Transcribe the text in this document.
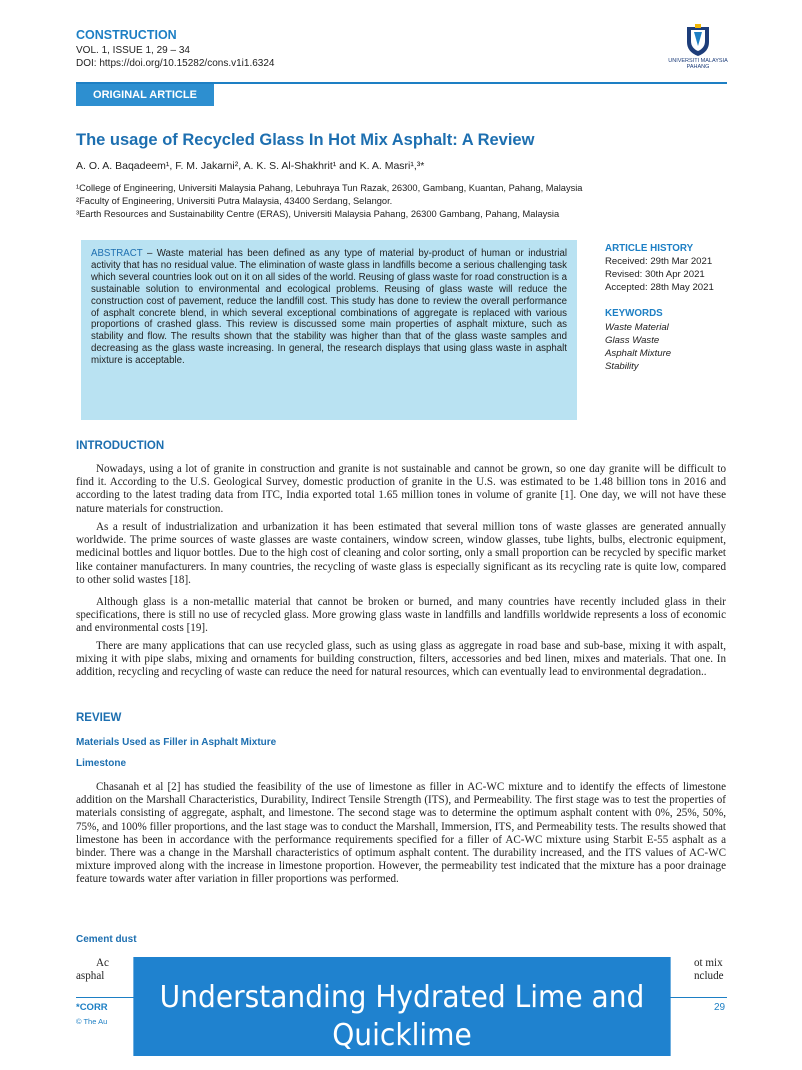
CONSTRUCTION
VOL. 1, ISSUE 1, 29 – 34
DOI: https://doi.org/10.15282/cons.v1i1.6324	UNIVERSITI MALAYSIA PAHANG
ORIGINAL ARTICLE
The usage of Recycled Glass In Hot Mix Asphalt: A Review
A. O. A. Baqadeem¹, F. M. Jakarni², A. K. S. Al-Shakhrit¹ and K. A. Masri¹,³*
¹College of Engineering, Universiti Malaysia Pahang, Lebuhraya Tun Razak, 26300, Gambang, Kuantan, Pahang, Malaysia
²Faculty of Engineering, Universiti Putra Malaysia, 43400 Serdang, Selangor.
³Earth Resources and Sustainability Centre (ERAS), Universiti Malaysia Pahang, 26300 Gambang, Pahang, Malaysia
ABSTRACT – Waste material has been defined as any type of material by-product of human or industrial activity that has no residual value. The elimination of waste glass in landfills become a serious challenging task which several countries look out on it on all sides of the world. Reusing of glass waste for road construction is a sustainable solution to environmental and ecological problems. Reusing of glass waste will reduce the construction cost of pavement, reduce the landfill cost. This study has done to review the overall performance of asphalt concrete blend, in which several exceptional combinations of aggregate is replaced with various proportions of crashed glass. This review is discussed some main properties of asphalt mixture, such as stability and flow. The results shown that the stability was higher than that of the glass waste samples and decreasing as the glass waste increasing. In general, the research displays that using glass waste in asphalt mixture is acceptable.
ARTICLE HISTORY
Received: 29th Mar 2021
Revised: 30th Apr 2021
Accepted: 28th May 2021
KEYWORDS
Waste Material
Glass Waste
Asphalt Mixture
Stability
INTRODUCTION
Nowadays, using a lot of granite in construction and granite is not sustainable and cannot be grown, so one day granite will be difficult to find it. According to the U.S. Geological Survey, domestic production of granite in the U.S. was estimated to be 1.48 billion tons in 2016 and according to the latest trading data from ITC, India exported total 1.65 million tones in volume of granite [1]. One day, we will not have these nature materials for construction.
As a result of industrialization and urbanization it has been estimated that several million tons of waste glasses are generated annually worldwide. The prime sources of waste glasses are waste containers, window screen, window glasses, tube lights, bulbs, electronic equipment, medicinal bottles and liquor bottles. Due to the high cost of cleaning and color sorting, only a small proportion can be recycled by specific market like container manufacturers. In many countries, the recycling of waste glass is especially significant as its recycling rate is quite low, compared to other solid wastes [18].
Although glass is a non-metallic material that cannot be broken or burned, and many countries have recently included glass in their specifications, there is still no use of recycled glass. More growing glass waste in landfills and landfills worldwide represents a loss of economic and environmental costs [19].
There are many applications that can use recycled glass, such as using glass as aggregate in road base and sub-base, mixing it with aspalt, mixing it with pipe slabs, mixing and ornaments for building construction, filters, accessories and bed linen, mixes and materials. That one. In addition, recycling and recycling of waste can reduce the need for natural resources, which can eventually lead to environmental degradation..
REVIEW
Materials Used as Filler in Asphalt Mixture
Limestone
Chasanah et al [2] has studied the feasibility of the use of limestone as filler in AC-WC mixture and to identify the effects of limestone addition on the Marshall Characteristics, Durability, Indirect Tensile Strength (ITS), and Permeability. The first stage was to test the properties of materials consisting of aggregate, asphalt, and limestone. The second stage was to determine the optimum asphalt content with 0%, 25%, 50%, 75%, and 100% filler proportions, and the last stage was to conduct the Marshall, Immersion, ITS, and Permeability tests. The results showed that limestone has been in accordance with the performance requirements specified for a filler of AC-WC mixture using Starbit E-55 asphalt as a binder. There was a change in the Marshall characteristics of optimum asphalt content. The durability increased, and the ITS values of AC-WC mixture improved along with the increase in limestone proportion. However, the permeability test indicated that the mixture has a poor drainage feature towards water after variation in filler proportions was performed.
Cement dust
Ac
asphal
ot mix
nclude
*CORR
© The Au
29
Understanding Hydrated Lime and Quicklime
